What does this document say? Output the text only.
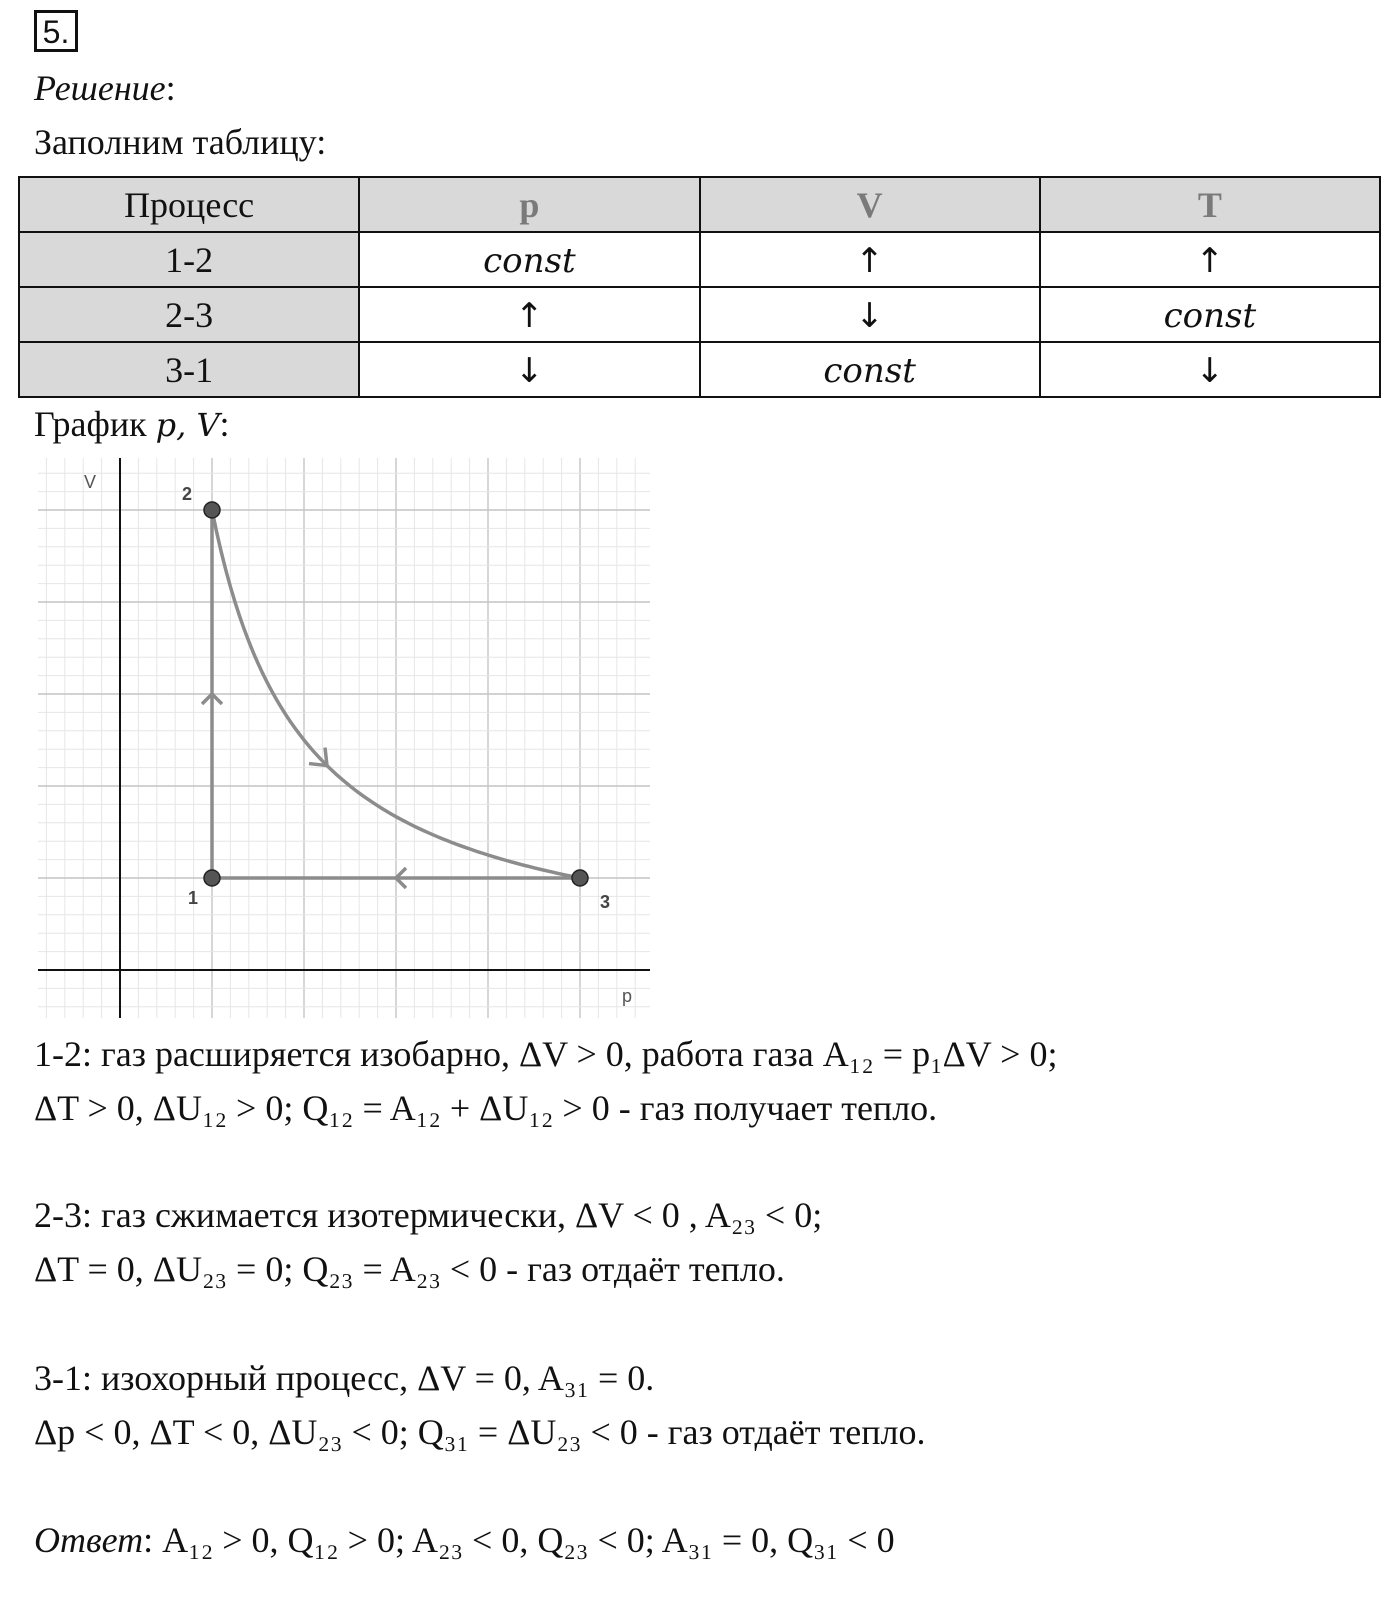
5.
Решение:
Заполним таблицу:
Процесс	p	V	T
1-2	const	↑	↑
2-3	↑	↓	const
3-1	↓	const	↓
График p, V:
V
p
1
2
3
1-2: газ расширяется изобарно, ΔV > 0, работа газа A₁₂ = p₁ΔV > 0;
ΔT > 0, ΔU₁₂ > 0; Q₁₂ = A₁₂ + ΔU₁₂ > 0 - газ получает тепло.
2-3: газ сжимается изотермически, ΔV < 0 , A₂₃ < 0;
ΔT = 0, ΔU₂₃ = 0; Q₂₃ = A₂₃ < 0 - газ отдаёт тепло.
3-1: изохорный процесс, ΔV = 0, A₃₁ = 0.
Δp < 0, ΔT < 0, ΔU₂₃ < 0; Q₃₁ = ΔU₂₃ < 0 - газ отдаёт тепло.
Ответ: A₁₂ > 0, Q₁₂ > 0; A₂₃ < 0, Q₂₃ < 0; A₃₁ = 0, Q₃₁ < 0
